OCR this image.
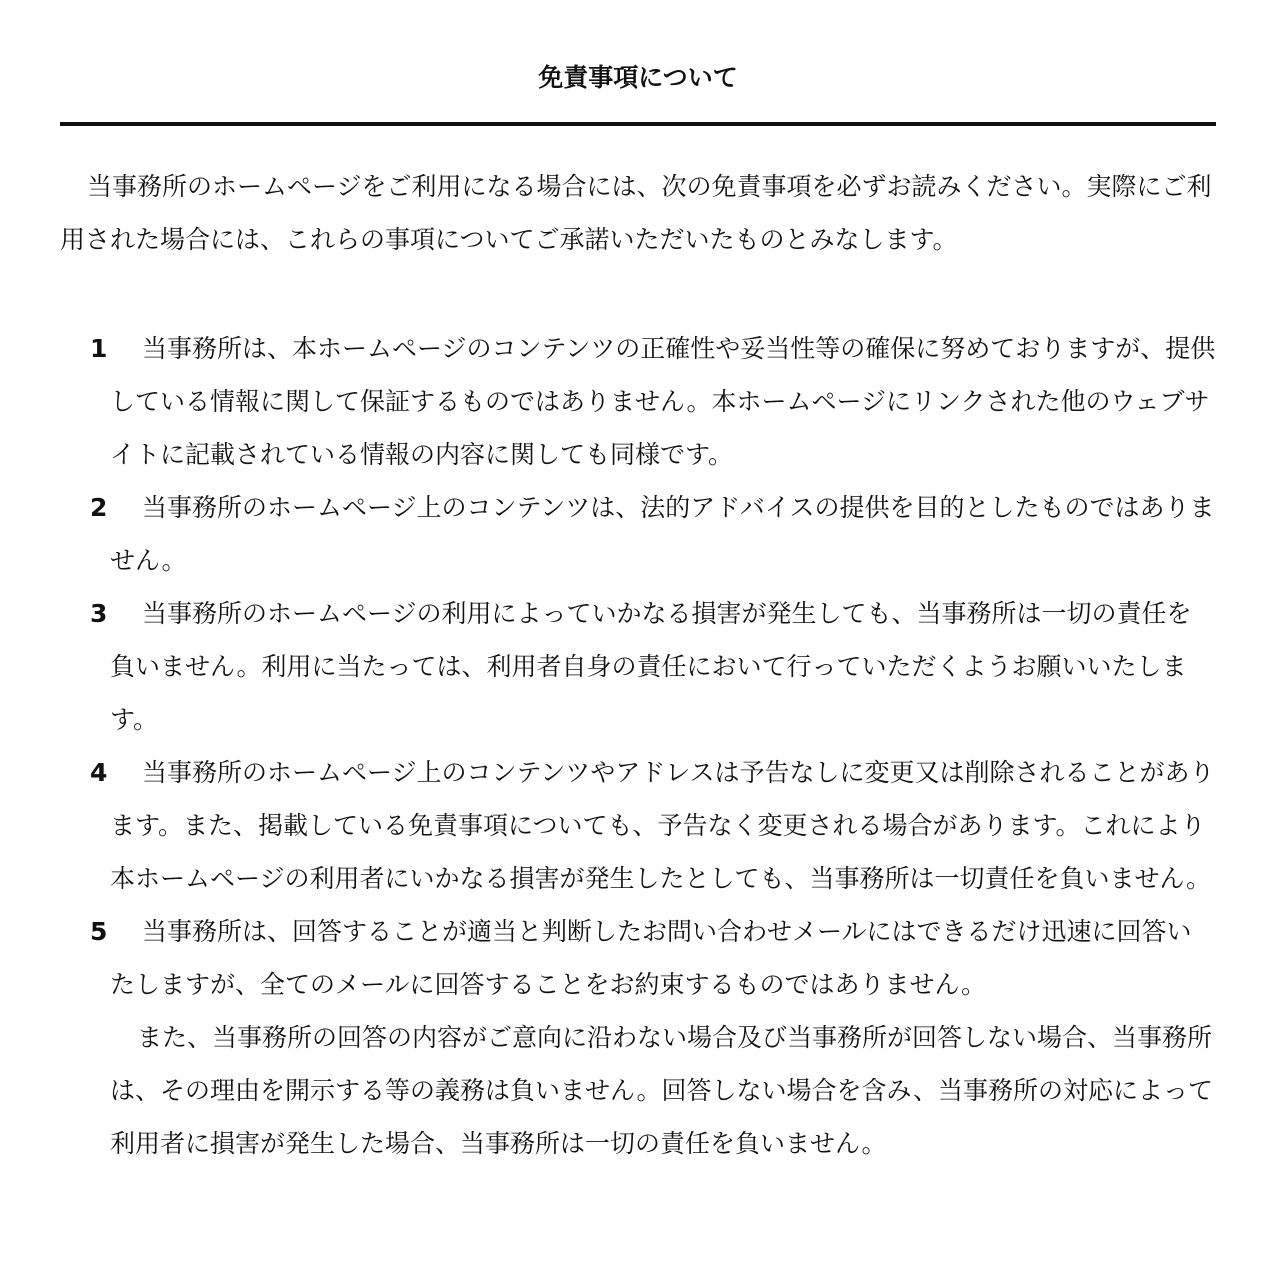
免責事項について

当事務所のホームページをご利用になる場合には、次の免責事項を必ずお読みください。実際にご利用された場合には、これらの事項についてご承諾いただいたものとみなします。

1	当事務所は、本ホームページのコンテンツの正確性や妥当性等の確保に努めておりますが、提供している情報に関して保証するものではありません。本ホームページにリンクされた他のウェブサイトに記載されている情報の内容に関しても同様です。

2	当事務所のホームページ上のコンテンツは、法的アドバイスの提供を目的としたものではありません。

3	当事務所のホームページの利用によっていかなる損害が発生しても、当事務所は一切の責任を負いません。利用に当たっては、利用者自身の責任において行っていただくようお願いいたします。

4	当事務所のホームページ上のコンテンツやアドレスは予告なしに変更又は削除されることがあります。また、掲載している免責事項についても、予告なく変更される場合があります。これにより本ホームページの利用者にいかなる損害が発生したとしても、当事務所は一切責任を負いません。

5	当事務所は、回答することが適当と判断したお問い合わせメールにはできるだけ迅速に回答いたしますが、全てのメールに回答することをお約束するものではありません。

また、当事務所の回答の内容がご意向に沿わない場合及び当事務所が回答しない場合、当事務所は、その理由を開示する等の義務は負いません。回答しない場合を含み、当事務所の対応によって利用者に損害が発生した場合、当事務所は一切の責任を負いません。
